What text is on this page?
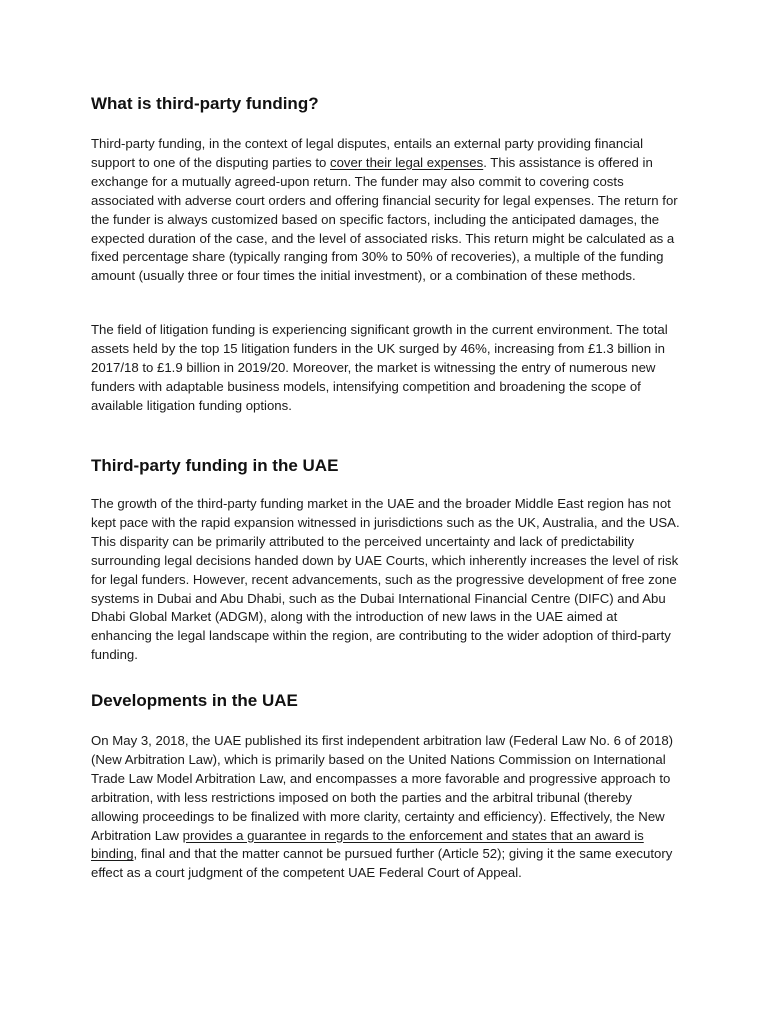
What is third-party funding?

Third-party funding, in the context of legal disputes, entails an external party providing financial support to one of the disputing parties to cover their legal expenses. This assistance is offered in exchange for a mutually agreed-upon return. The funder may also commit to covering costs associated with adverse court orders and offering financial security for legal expenses. The return for the funder is always customized based on specific factors, including the anticipated damages, the expected duration of the case, and the level of associated risks. This return might be calculated as a fixed percentage share (typically ranging from 30% to 50% of recoveries), a multiple of the funding amount (usually three or four times the initial investment), or a combination of these methods.

The field of litigation funding is experiencing significant growth in the current environment. The total assets held by the top 15 litigation funders in the UK surged by 46%, increasing from £1.3 billion in 2017/18 to £1.9 billion in 2019/20. Moreover, the market is witnessing the entry of numerous new funders with adaptable business models, intensifying competition and broadening the scope of available litigation funding options.

Third-party funding in the UAE

The growth of the third-party funding market in the UAE and the broader Middle East region has not kept pace with the rapid expansion witnessed in jurisdictions such as the UK, Australia, and the USA. This disparity can be primarily attributed to the perceived uncertainty and lack of predictability surrounding legal decisions handed down by UAE Courts, which inherently increases the level of risk for legal funders. However, recent advancements, such as the progressive development of free zone systems in Dubai and Abu Dhabi, such as the Dubai International Financial Centre (DIFC) and Abu Dhabi Global Market (ADGM), along with the introduction of new laws in the UAE aimed at enhancing the legal landscape within the region, are contributing to the wider adoption of third-party funding.

Developments in the UAE

On May 3, 2018, the UAE published its first independent arbitration law (Federal Law No. 6 of 2018) (New Arbitration Law), which is primarily based on the United Nations Commission on International Trade Law Model Arbitration Law, and encompasses a more favorable and progressive approach to arbitration, with less restrictions imposed on both the parties and the arbitral tribunal (thereby allowing proceedings to be finalized with more clarity, certainty and efficiency). Effectively, the New Arbitration Law provides a guarantee in regards to the enforcement and states that an award is binding, final and that the matter cannot be pursued further (Article 52); giving it the same executory effect as a court judgment of the competent UAE Federal Court of Appeal.
